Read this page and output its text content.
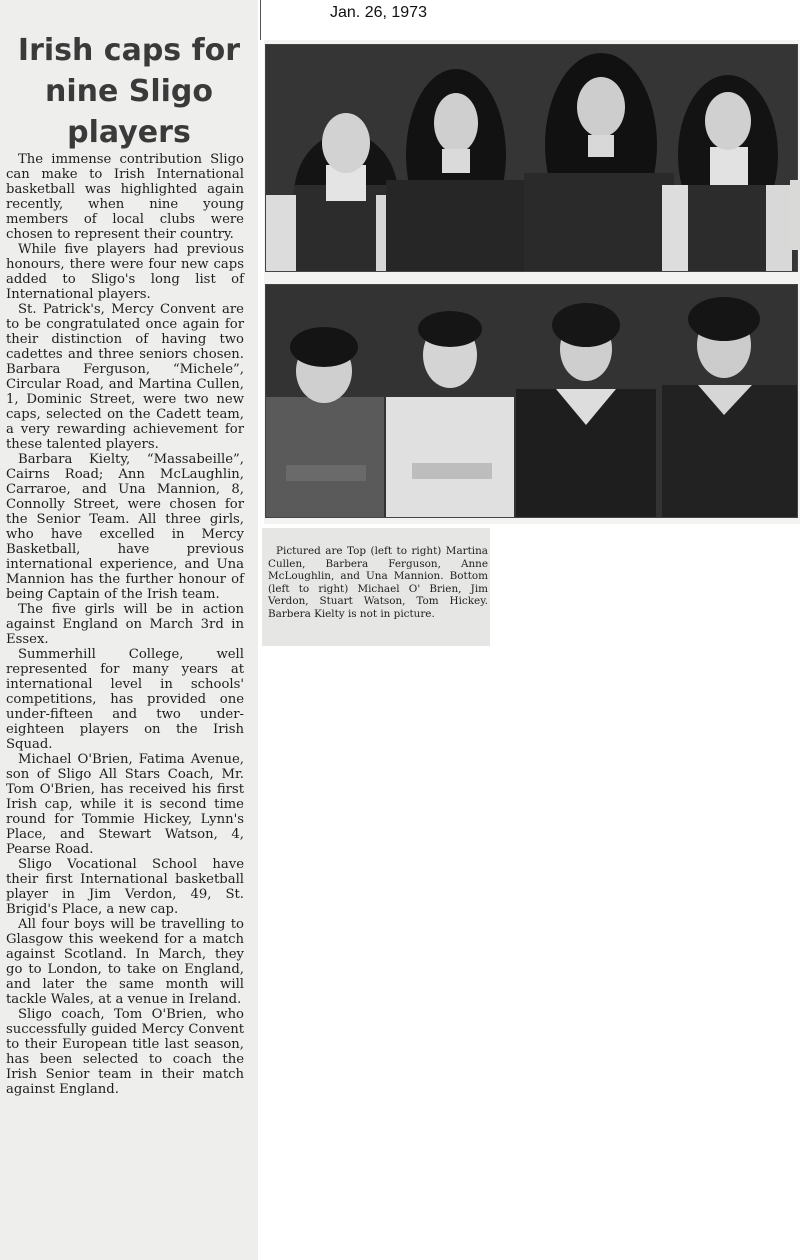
Jan. 26, 1973
Irish caps for nine Sligo players

The immense contribution Sligo can make to Irish International basketball was highlighted again recently, when nine young members of local clubs were chosen to represent their country.

While five players had previous honours, there were four new caps added to Sligo's long list of International players.

St. Patrick's, Mercy Convent are to be congratulated once again for their distinction of having two cadettes and three seniors chosen. Barbara Ferguson, “Michele”, Circular Road, and Martina Cullen, 1, Dominic Street, were two new caps, selected on the Cadett team, a very rewarding achievement for these talented players.

Barbara Kielty, “Massabeille”, Cairns Road; Ann McLaughlin, Carraroe, and Una Mannion, 8, Connolly Street, were chosen for the Senior Team. All three girls, who have excelled in Mercy Basketball, have previous international experience, and Una Mannion has the further honour of being Captain of the Irish team.

The five girls will be in action against England on March 3rd in Essex.

Summerhill College, well represented for many years at international level in schools' competitions, has provided one under-fifteen and two under-eighteen players on the Irish Squad.

Michael O'Brien, Fatima Avenue, son of Sligo All Stars Coach, Mr. Tom O'Brien, has received his first Irish cap, while it is second time round for Tommie Hickey, Lynn's Place, and Stewart Watson, 4, Pearse Road.

Sligo Vocational School have their first International basketball player in Jim Verdon, 49, St. Brigid's Place, a new cap.

All four boys will be travelling to Glasgow this weekend for a match against Scotland. In March, they go to London, to take on England, and later the same month will tackle Wales, at a venue in Ireland.

Sligo coach, Tom O'Brien, who successfully guided Mercy Convent to their European title last season, has been selected to coach the Irish Senior team in their match against England.

Pictured are Top (left to right) Martina Cullen, Barbera Ferguson, Anne McLoughlin, and Una Mannion. Bottom (left to right) Michael O' Brien, Jim Verdon, Stuart Watson, Tom Hickey. Barbera Kielty is not in picture.
